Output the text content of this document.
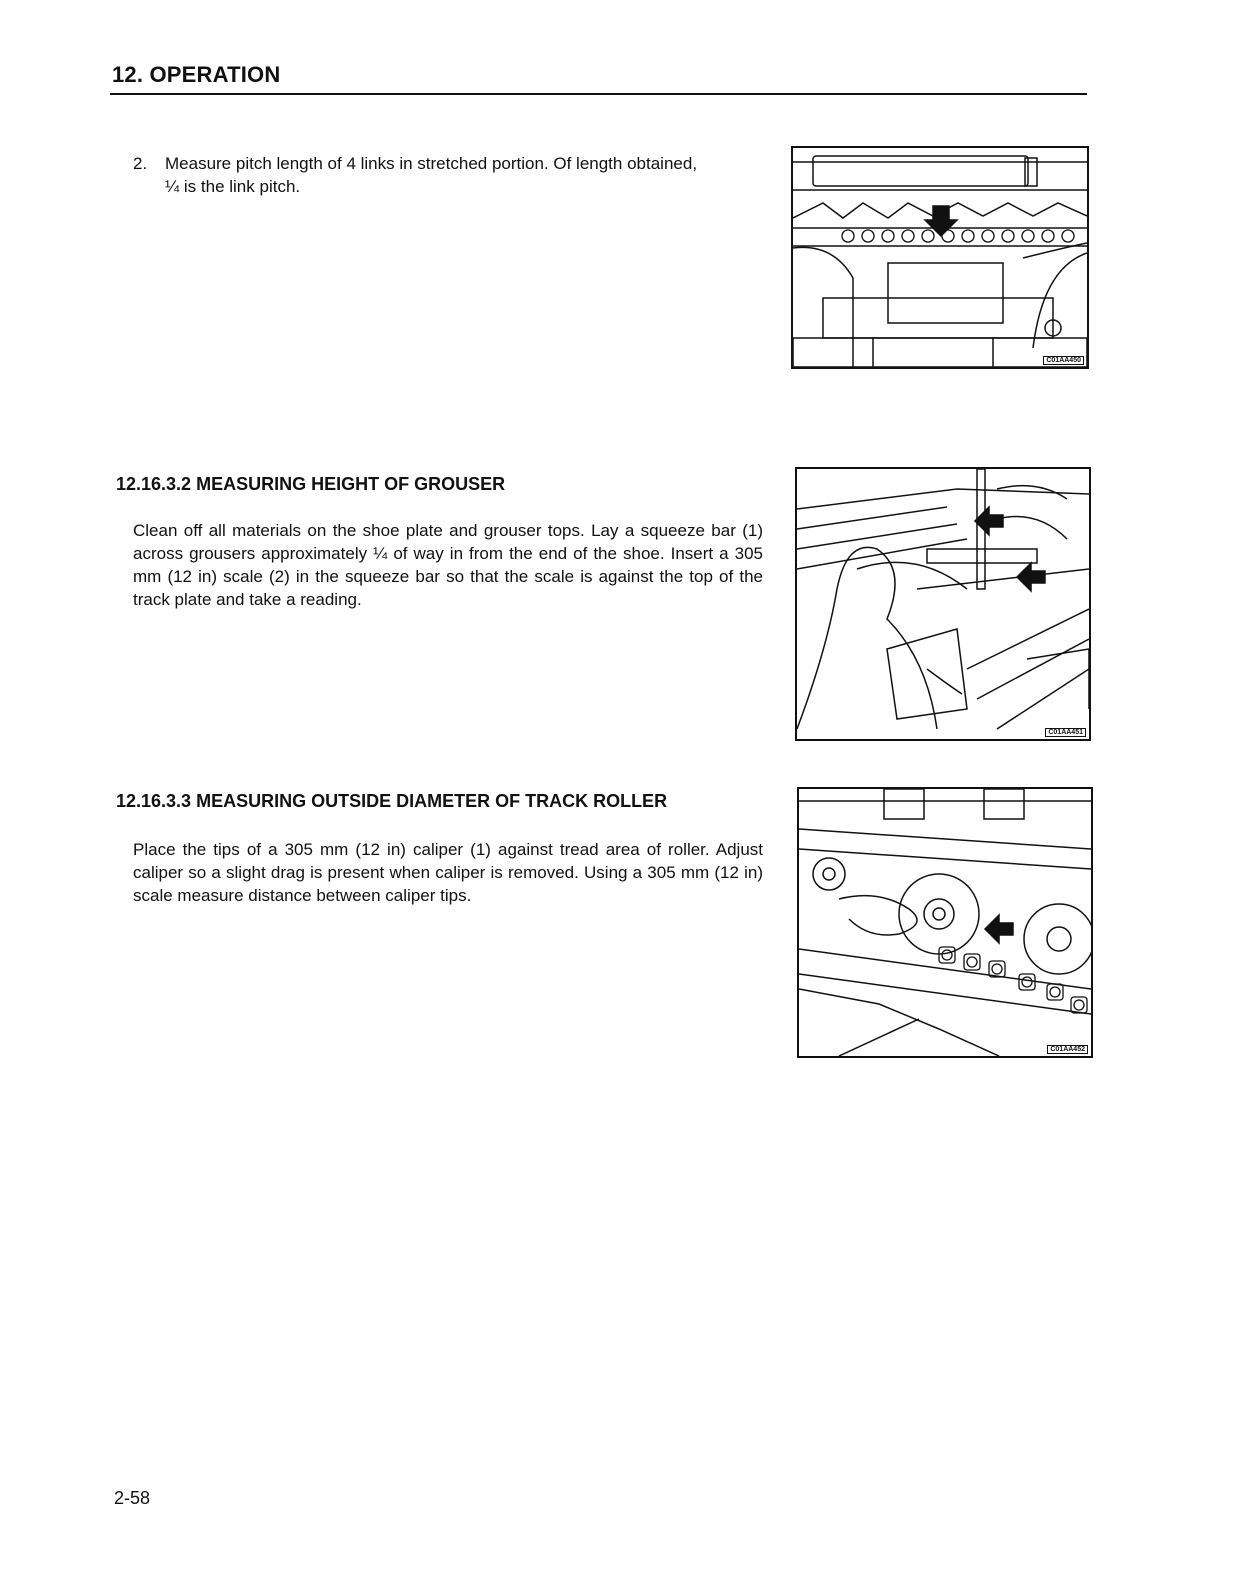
12. OPERATION
2. Measure pitch length of 4 links in stretched portion. Of length obtained,
¼ is the link pitch.
C01AA450
12.16.3.2 MEASURING HEIGHT OF GROUSER

Clean off all materials on the shoe plate and grouser tops. Lay a squeeze bar (1) across grousers approximately ¼ of way in from the end of the shoe. Insert a 305 mm (12 in) scale (2) in the squeeze bar so that the scale is against the top of the track plate and take a reading.

C01AA451
12.16.3.3 MEASURING OUTSIDE DIAMETER OF TRACK ROLLER

Place the tips of a 305 mm (12 in) caliper (1) against tread area of roller. Adjust caliper so a slight drag is present when caliper is removed. Using a 305 mm (12 in) scale measure distance between caliper tips.

C01AA452
2-58
